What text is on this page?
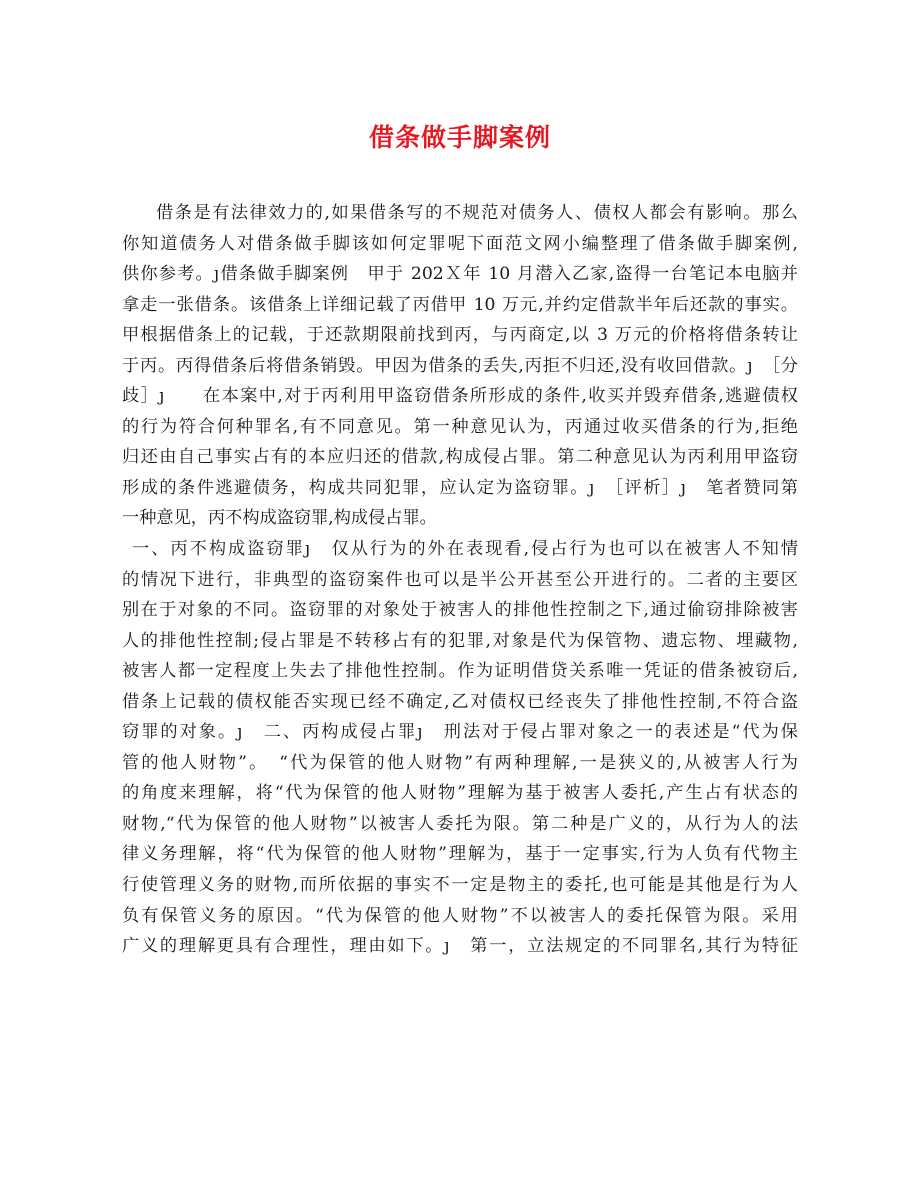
借条做手脚案例
借条是有法律效力的,如果借条写的不规范对债务人、债权人都会有影响。那么
你知道债务人对借条做手脚该如何定罪呢下面范文网小编整理了借条做手脚案例,
供你参考。ȷ借条做手脚案例　甲于 202Ｘ年 10 月潜入乙家,盗得一台笔记本电脑并
拿走一张借条。该借条上详细记载了丙借甲 10 万元,并约定借款半年后还款的事实。
甲根据借条上的记载，于还款期限前找到丙，与丙商定,以 3 万元的价格将借条转让
于丙。丙得借条后将借条销毁。甲因为借条的丢失,丙拒不归还,没有收回借款。ȷ　 ［分
歧］ȷ　　在本案中,对于丙利用甲盗窃借条所形成的条件,收买并毁弃借条,逃避债权
的行为符合何种罪名,有不同意见。第一种意见认为，丙通过收买借条的行为,拒绝
归还由自己事实占有的本应归还的借款,构成侵占罪。第二种意见认为丙利用甲盗窃
形成的条件逃避债务，构成共同犯罪，应认定为盗窃罪。ȷ　 ［评析］ȷ　笔者赞同第
一种意见，丙不构成盗窃罪,构成侵占罪。
一、丙不构成盗窃罪ȷ　仅从行为的外在表现看,侵占行为也可以在被害人不知情
的情况下进行，非典型的盗窃案件也可以是半公开甚至公开进行的。二者的主要区
别在于对象的不同。盗窃罪的对象处于被害人的排他性控制之下,通过偷窃排除被害
人的排他性控制;侵占罪是不转移占有的犯罪,对象是代为保管物、遗忘物、埋藏物,
被害人都一定程度上失去了排他性控制。作为证明借贷关系唯一凭证的借条被窃后,
借条上记载的债权能否实现已经不确定,乙对债权已经丧失了排他性控制,不符合盗
窃罪的对象。ȷ　二、丙构成侵占罪ȷ　刑法对于侵占罪对象之一的表述是“代为保
管的他人财物”。　“代为保管的他人财物”有两种理解,一是狭义的,从被害人行为
的角度来理解，将“代为保管的他人财物”理解为基于被害人委托,产生占有状态的
财物,“代为保管的他人财物”以被害人委托为限。第二种是广义的，从行为人的法
律义务理解，将“代为保管的他人财物”理解为，基于一定事实,行为人负有代物主
行使管理义务的财物,而所依据的事实不一定是物主的委托,也可能是其他是行为人
负有保管义务的原因。“代为保管的他人财物”不以被害人的委托保管为限。采用
广义的理解更具有合理性，理由如下。ȷ　第一，立法规定的不同罪名,其行为特征
